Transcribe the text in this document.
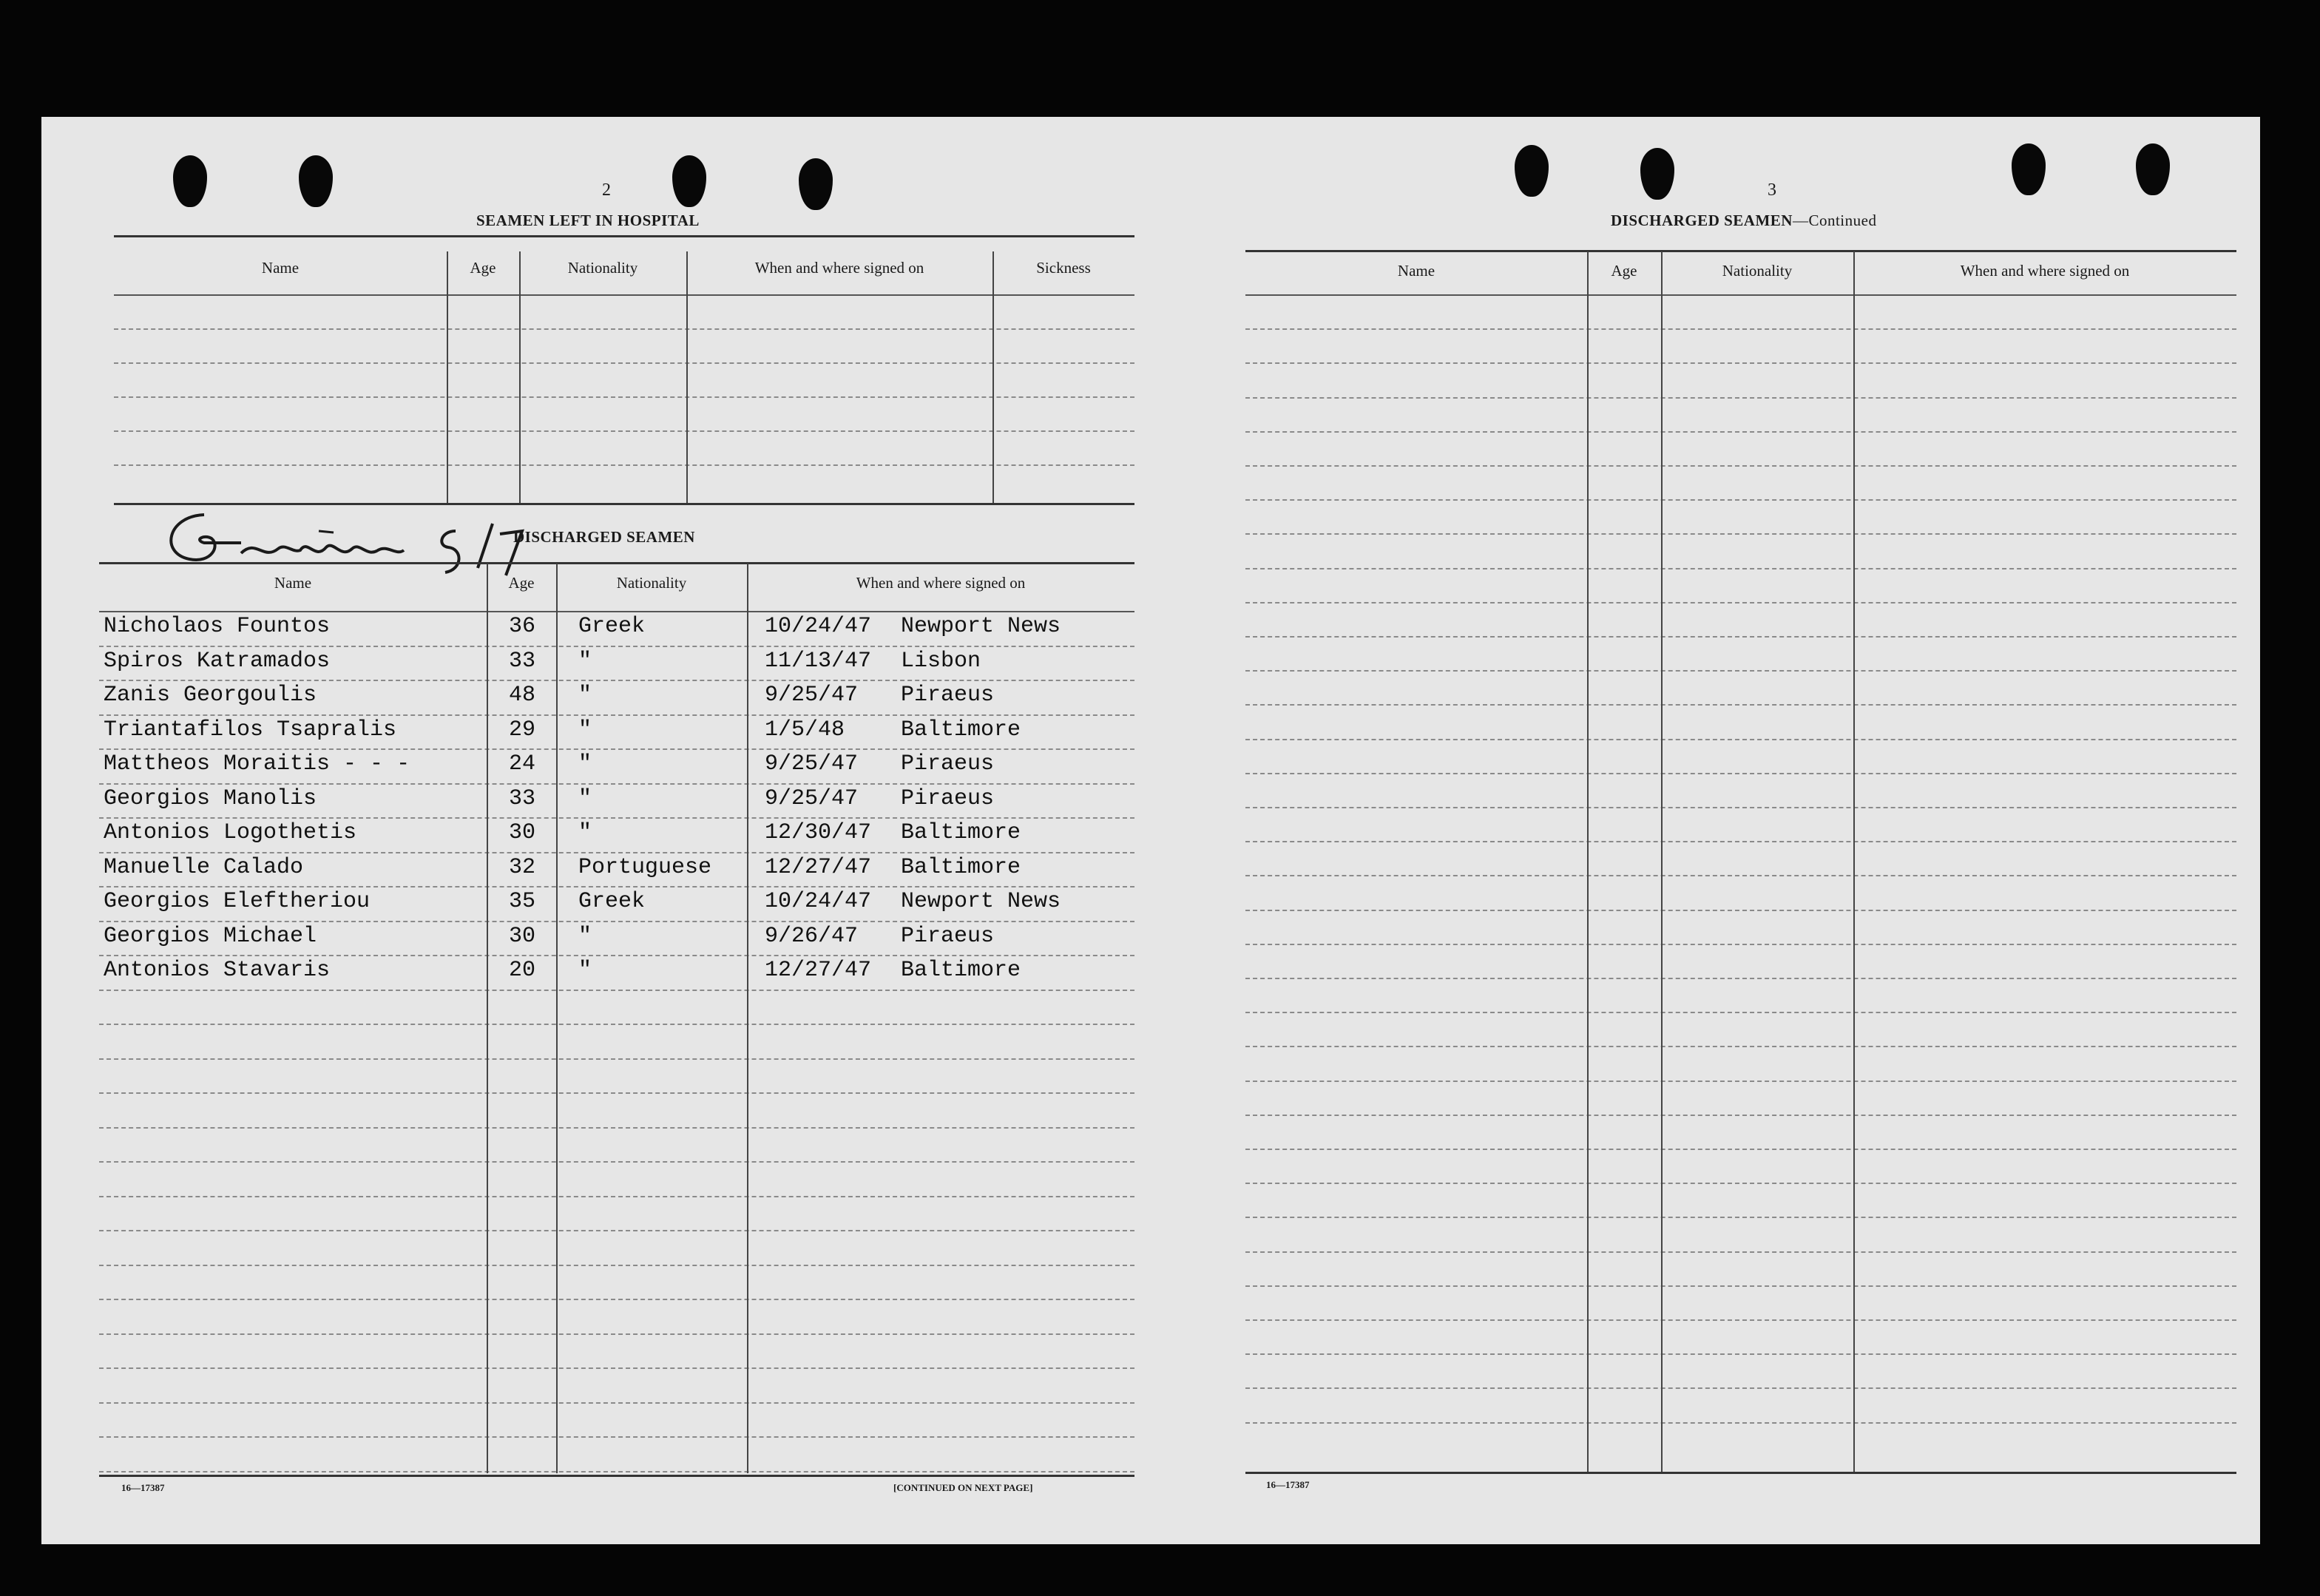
2
SEAMEN LEFT IN HOSPITAL
Name	Age	Nationality	When and where signed on	Sickness
Gentauro 5/7
DISCHARGED SEAMEN
Name	Age	Nationality	When and where signed on
Nicholaos Fountos	36 Greek	10/24/47 Newport News
Spiros Katramados	33 "	11/13/47 Lisbon
Zanis Georgoulis	48 "	9/25/47 Piraeus
Triantafilos Tsapralis	29 "	1/5/48	Baltimore
Mattheos Moraitis - - -	24 "	9/25/47 Piraeus
Georgios Manolis	33 "	9/25/47 Piraeus
Antonios Logothetis	30 "	12/30/47 Baltimore
Manuelle Calado	32 Portuguese 12/27/47 Baltimore
Georgios Eleftheriou	35 Greek	10/24/47 Newport News
Georgios Michael	30 "	9/26/47 Piraeus
Antonios Stavaris	20 "	12/27/47 Baltimore
16—17387	[CONTINUED ON NEXT PAGE]
3
DISCHARGED SEAMEN—Continued
Name	Age	Nationality	When and where signed on
16—17387
